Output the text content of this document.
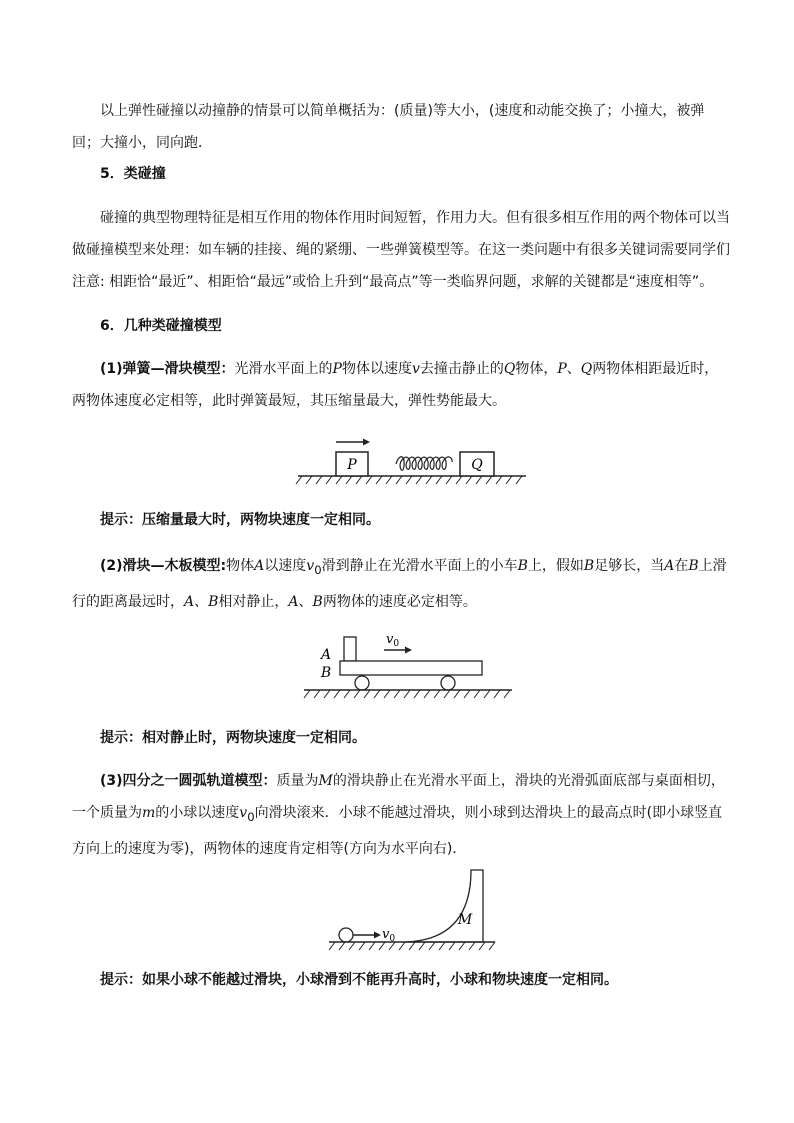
以上弹性碰撞以动撞静的情景可以简单概括为：(质量)等大小，(速度和动能交换了；小撞大，被弹回；大撞小，同向跑．
5．类碰撞
碰撞的典型物理特征是相互作用的物体作用时间短暂，作用力大。但有很多相互作用的两个物体可以当做碰撞模型来处理：如车辆的挂接、绳的紧绷、一些弹簧模型等。在这一类问题中有很多关键词需要同学们注意: 相距恰“最近”、相距恰“最远”或恰上升到“最高点”等一类临界问题，求解的关键都是“速度相等”。
6．几种类碰撞模型
(1)弹簧—滑块模型：光滑水平面上的P物体以速度v去撞击静止的Q物体，P、Q两物体相距最近时，两物体速度必定相等，此时弹簧最短，其压缩量最大，弹性势能最大。
P	Q
提示：压缩量最大时，两物块速度一定相同。
(2)滑块—木板模型:物体A以速度$v_0$滑到静止在光滑水平面上的小车B上，假如B足够长，当A在B上滑行的距离最远时，A、B相对静止，A、B两物体的速度必定相等。
A
B
$v_0$
提示：相对静止时，两物块速度一定相同。
(3)四分之一圆弧轨道模型：质量为M的滑块静止在光滑水平面上，滑块的光滑弧面底部与桌面相切，一个质量为m的小球以速度$v_0$向滑块滚来．小球不能越过滑块，则小球到达滑块上的最高点时(即小球竖直方向上的速度为零)，两物体的速度肯定相等(方向为水平向右)．
M
$v_0$
提示：如果小球不能越过滑块，小球滑到不能再升高时，小球和物块速度一定相同。
